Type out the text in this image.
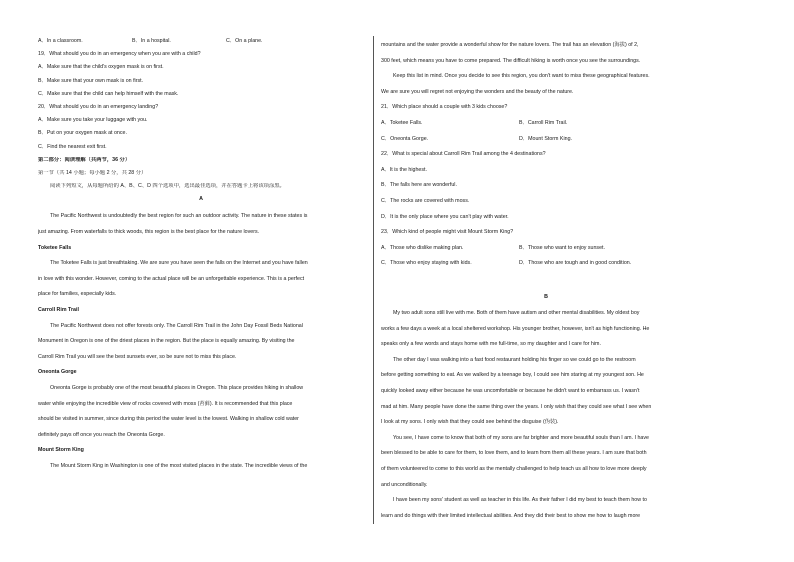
A．In a classroom.	B．In a hospital.	C．On a plane.
19．What should you do in an emergency when you are with a child?
A．Make sure that the child's oxygen mask is on first.
B．Make sure that your own mask is on first.
C．Make sure that the child can help himself with the mask.
20．What should you do in an emergency landing?
A．Make sure you take your luggage with you.
B．Put on your oxygen mask at once.
C．Find the nearest exit first.
第二部分：阅读理解（共两节，36 分）
第一节（共 14 小题；每小题 2 分，共 28 分）
阅读下列短文，从每题所给的 A、B、C、D 四个选项中，选出最佳选项，并在答题卡上将该项涂黑。
A
The Pacific Northwest is undoubtedly the best region for such an outdoor activity. The nature in these states is
just amazing. From waterfalls to thick woods, this region is the best place for the nature lovers.
Toketee Falls
The Toketee Falls is just breathtaking. We are sure you have seen the falls on the Internet and you have fallen
in love with this wonder. However, coming to the actual place will be an unforgettable experience. This is a perfect
place for families, especially kids.
Carroll Rim Trail
The Pacific Northwest does not offer forests only. The Carroll Rim Trail in the John Day Fossil Beds National
Monument in Oregon is one of the driest places in the region. But the place is equally amazing. By visiting the
Carroll Rim Trail you will see the best sunsets ever, so be sure not to miss this place.
Oneonta Gorge
Oneonta Gorge is probably one of the most beautiful places in Oregon. This place provides hiking in shallow
water while enjoying the incredible view of rocks covered with moss (苔藓). It is recommended that this place
should be visited in summer, since during this period the water level is the lowest. Walking in shallow cold water
definitely pays off once you reach the Oneonta Gorge.
Mount Storm King
The Mount Storm King in Washington is one of the most visited places in the state. The incredible views of the
mountains and the water provide a wonderful show for the nature lovers. The trail has an elevation (海拔) of 2,
300 feet, which means you have to come prepared. The difficult hiking is worth once you see the surroundings.
Keep this list in mind. Once you decide to see this region, you don't want to miss these geographical features.
We are sure you will regret not enjoying the wonders and the beauty of the nature.
21．Which place should a couple with 3 kids choose?
A．Toketee Falls.	B．Carroll Rim Trail.
C．Oneonta Gorge.	D．Mount Storm King.
22．What is special about Carroll Rim Trail among the 4 destinations?
A．It is the highest.
B．The falls here are wonderful.
C．The rocks are covered with moss.
D．It is the only place where you can't play with water.
23．Which kind of people might visit Mount Storm King?
A．Those who dislike making plan.	B．Those who want to enjoy sunset.
C．Those who enjoy staying with kids.	D．Those who are tough and in good condition.
B
My two adult sons still live with me. Both of them have autism and other mental disabilities. My oldest boy
works a few days a week at a local sheltered workshop. His younger brother, however, isn't as high functioning. He
speaks only a few words and stays home with me full-time, so my daughter and I care for him.
The other day I was walking into a fast food restaurant holding his finger so we could go to the restroom
before getting something to eat. As we walked by a teenage boy, I could see him staring at my youngest son. He
quickly looked away either because he was uncomfortable or because he didn't want to embarrass us. I wasn't
mad at him. Many people have done the same thing over the years. I only wish that they could see what I see when
I look at my sons. I only wish that they could see behind the disguise (伪装).
You see, I have come to know that both of my sons are far brighter and more beautiful souls than I am. I have
been blessed to be able to care for them, to love them, and to learn from them all these years. I am sure that both
of them volunteered to come to this world as the mentally challenged to help teach us all how to love more deeply
and unconditionally.
I have been my sons' student as well as teacher in this life. As their father I did my best to teach them how to
learn and do things with their limited intellectual abilities. And they did their best to show me how to laugh more
